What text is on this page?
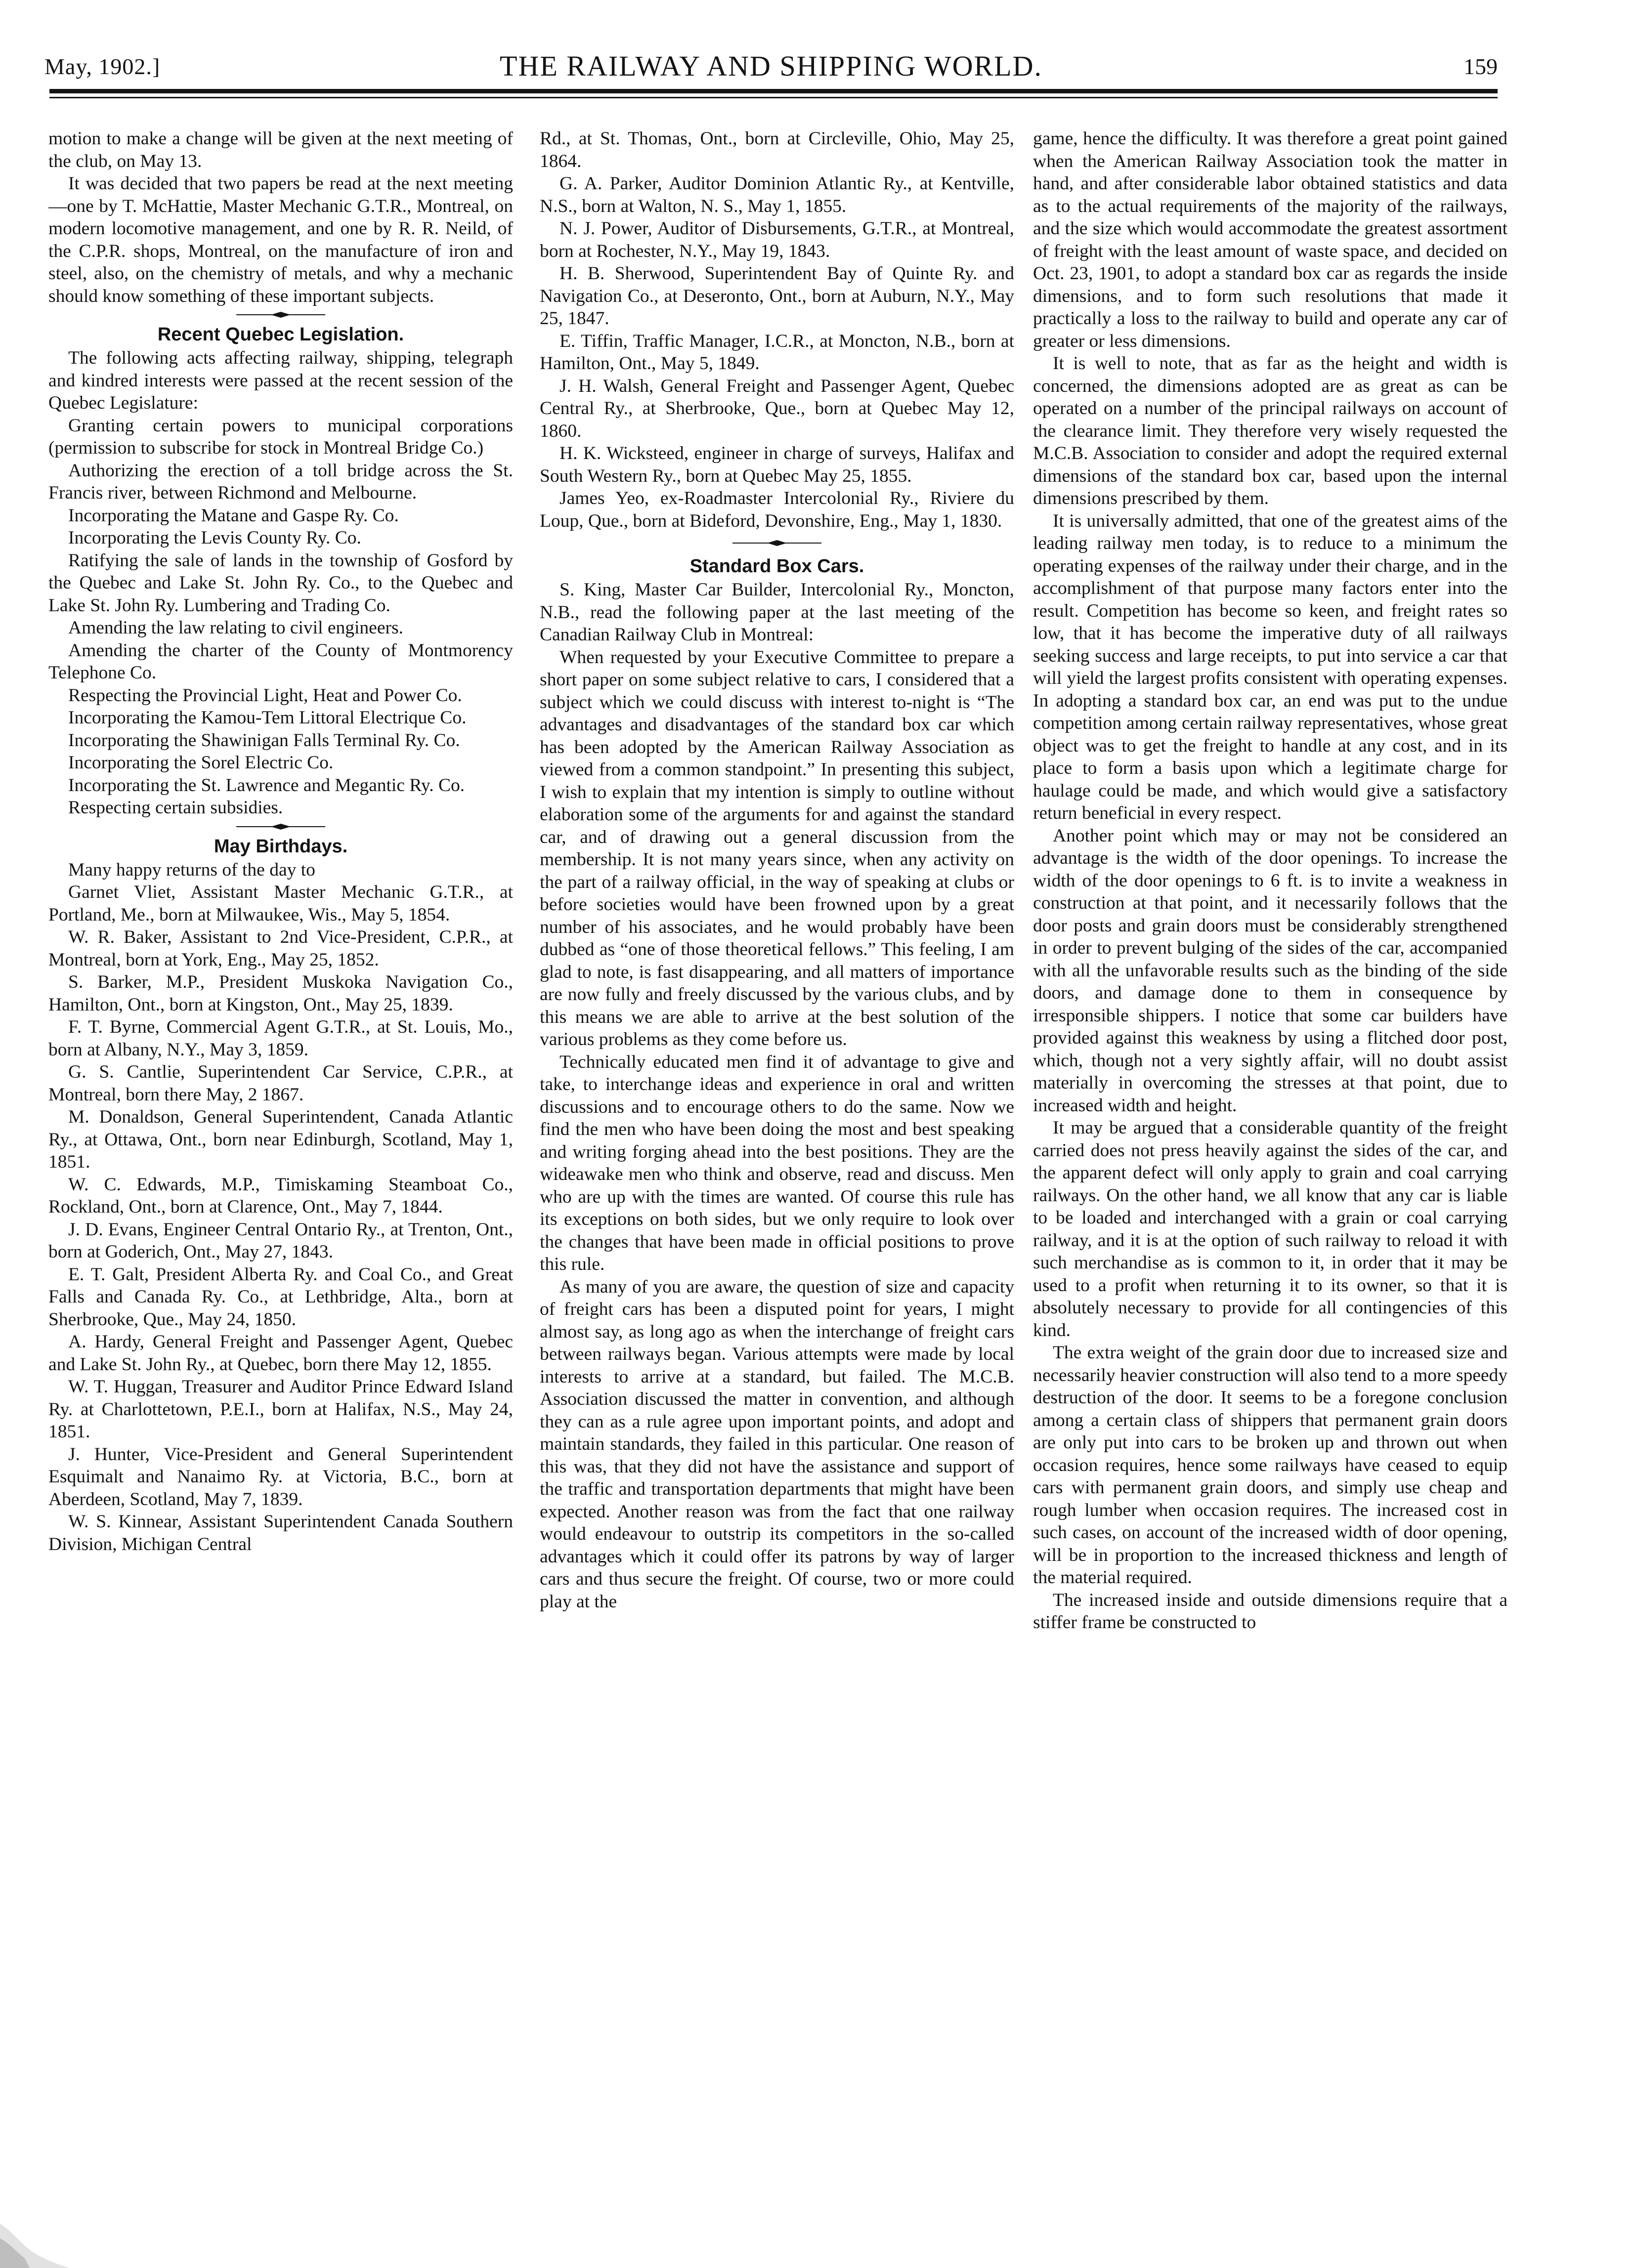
May, 1902.]	THE RAILWAY AND SHIPPING WORLD.	159

motion to make a change will be given at the next meeting of the club, on May 13.

It was decided that two papers be read at the next meeting—one by T. McHattie, Master Mechanic G.T.R., Montreal, on modern locomotive management, and one by R. R. Neild, of the C.P.R. shops, Montreal, on the manufacture of iron and steel, also, on the chemistry of metals, and why a mechanic should know something of these important subjects.

Recent Quebec Legislation.

The following acts affecting railway, shipping, telegraph and kindred interests were passed at the recent session of the Quebec Legislature:

Granting certain powers to municipal corporations (permission to subscribe for stock in Montreal Bridge Co.)

Authorizing the erection of a toll bridge across the St. Francis river, between Richmond and Melbourne.

Incorporating the Matane and Gaspe Ry. Co.

Incorporating the Levis County Ry. Co.

Ratifying the sale of lands in the township of Gosford by the Quebec and Lake St. John Ry. Co., to the Quebec and Lake St. John Ry. Lumbering and Trading Co.

Amending the law relating to civil engineers.

Amending the charter of the County of Montmorency Telephone Co.

Respecting the Provincial Light, Heat and Power Co.

Incorporating the Kamou-Tem Littoral Electrique Co.

Incorporating the Shawinigan Falls Terminal Ry. Co.

Incorporating the Sorel Electric Co.

Incorporating the St. Lawrence and Megantic Ry. Co.

Respecting certain subsidies.

May Birthdays.

Many happy returns of the day to

Garnet Vliet, Assistant Master Mechanic G.T.R., at Portland, Me., born at Milwaukee, Wis., May 5, 1854.

W. R. Baker, Assistant to 2nd Vice-President, C.P.R., at Montreal, born at York, Eng., May 25, 1852.

S. Barker, M.P., President Muskoka Navigation Co., Hamilton, Ont., born at Kingston, Ont., May 25, 1839.

F. T. Byrne, Commercial Agent G.T.R., at St. Louis, Mo., born at Albany, N.Y., May 3, 1859.

G. S. Cantlie, Superintendent Car Service, C.P.R., at Montreal, born there May, 2 1867.

M. Donaldson, General Superintendent, Canada Atlantic Ry., at Ottawa, Ont., born near Edinburgh, Scotland, May 1, 1851.

W. C. Edwards, M.P., Timiskaming Steamboat Co., Rockland, Ont., born at Clarence, Ont., May 7, 1844.

J. D. Evans, Engineer Central Ontario Ry., at Trenton, Ont., born at Goderich, Ont., May 27, 1843.

E. T. Galt, President Alberta Ry. and Coal Co., and Great Falls and Canada Ry. Co., at Lethbridge, Alta., born at Sherbrooke, Que., May 24, 1850.

A. Hardy, General Freight and Passenger Agent, Quebec and Lake St. John Ry., at Quebec, born there May 12, 1855.

W. T. Huggan, Treasurer and Auditor Prince Edward Island Ry. at Charlottetown, P.E.I., born at Halifax, N.S., May 24, 1851.

J. Hunter, Vice-President and General Superintendent Esquimalt and Nanaimo Ry. at Victoria, B.C., born at Aberdeen, Scotland, May 7, 1839.

W. S. Kinnear, Assistant Superintendent Canada Southern Division, Michigan Central

Rd., at St. Thomas, Ont., born at Circleville, Ohio, May 25, 1864.

G. A. Parker, Auditor Dominion Atlantic Ry., at Kentville, N.S., born at Walton, N. S., May 1, 1855.

N. J. Power, Auditor of Disbursements, G.T.R., at Montreal, born at Rochester, N.Y., May 19, 1843.

H. B. Sherwood, Superintendent Bay of Quinte Ry. and Navigation Co., at Deseronto, Ont., born at Auburn, N.Y., May 25, 1847.

E. Tiffin, Traffic Manager, I.C.R., at Moncton, N.B., born at Hamilton, Ont., May 5, 1849.

J. H. Walsh, General Freight and Passenger Agent, Quebec Central Ry., at Sherbrooke, Que., born at Quebec May 12, 1860.

H. K. Wicksteed, engineer in charge of surveys, Halifax and South Western Ry., born at Quebec May 25, 1855.

James Yeo, ex-Roadmaster Intercolonial Ry., Riviere du Loup, Que., born at Bideford, Devonshire, Eng., May 1, 1830.

Standard Box Cars.

S. King, Master Car Builder, Intercolonial Ry., Moncton, N.B., read the following paper at the last meeting of the Canadian Railway Club in Montreal:

When requested by your Executive Committee to prepare a short paper on some subject relative to cars, I considered that a subject which we could discuss with interest to-night is “The advantages and disadvantages of the standard box car which has been adopted by the American Railway Association as viewed from a common standpoint.” In presenting this subject, I wish to explain that my intention is simply to outline without elaboration some of the arguments for and against the standard car, and of drawing out a general discussion from the membership. It is not many years since, when any activity on the part of a railway official, in the way of speaking at clubs or before societies would have been frowned upon by a great number of his associates, and he would probably have been dubbed as “one of those theoretical fellows.” This feeling, I am glad to note, is fast disappearing, and all matters of importance are now fully and freely discussed by the various clubs, and by this means we are able to arrive at the best solution of the various problems as they come before us.

Technically educated men find it of advantage to give and take, to interchange ideas and experience in oral and written discussions and to encourage others to do the same. Now we find the men who have been doing the most and best speaking and writing forging ahead into the best positions. They are the wideawake men who think and observe, read and discuss. Men who are up with the times are wanted. Of course this rule has its exceptions on both sides, but we only require to look over the changes that have been made in official positions to prove this rule.

As many of you are aware, the question of size and capacity of freight cars has been a disputed point for years, I might almost say, as long ago as when the interchange of freight cars between railways began. Various attempts were made by local interests to arrive at a standard, but failed. The M.C.B. Association discussed the matter in convention, and although they can as a rule agree upon important points, and adopt and maintain standards, they failed in this particular. One reason of this was, that they did not have the assistance and support of the traffic and transportation departments that might have been expected. Another reason was from the fact that one railway would endeavour to outstrip its competitors in the so-called advantages which it could offer its patrons by way of larger cars and thus secure the freight. Of course, two or more could play at the

game, hence the difficulty. It was therefore a great point gained when the American Railway Association took the matter in hand, and after considerable labor obtained statistics and data as to the actual requirements of the majority of the railways, and the size which would accommodate the greatest assortment of freight with the least amount of waste space, and decided on Oct. 23, 1901, to adopt a standard box car as regards the inside dimensions, and to form such resolutions that made it practically a loss to the railway to build and operate any car of greater or less dimensions.

It is well to note, that as far as the height and width is concerned, the dimensions adopted are as great as can be operated on a number of the principal railways on account of the clearance limit. They therefore very wisely requested the M.C.B. Association to consider and adopt the required external dimensions of the standard box car, based upon the internal dimensions prescribed by them.

It is universally admitted, that one of the greatest aims of the leading railway men today, is to reduce to a minimum the operating expenses of the railway under their charge, and in the accomplishment of that purpose many factors enter into the result. Competition has become so keen, and freight rates so low, that it has become the imperative duty of all railways seeking success and large receipts, to put into service a car that will yield the largest profits consistent with operating expenses. In adopting a standard box car, an end was put to the undue competition among certain railway representatives, whose great object was to get the freight to handle at any cost, and in its place to form a basis upon which a legitimate charge for haulage could be made, and which would give a satisfactory return beneficial in every respect.

Another point which may or may not be considered an advantage is the width of the door openings. To increase the width of the door openings to 6 ft. is to invite a weakness in construction at that point, and it necessarily follows that the door posts and grain doors must be considerably strengthened in order to prevent bulging of the sides of the car, accompanied with all the unfavorable results such as the binding of the side doors, and damage done to them in consequence by irresponsible shippers. I notice that some car builders have provided against this weakness by using a flitched door post, which, though not a very sightly affair, will no doubt assist materially in overcoming the stresses at that point, due to increased width and height.

It may be argued that a considerable quantity of the freight carried does not press heavily against the sides of the car, and the apparent defect will only apply to grain and coal carrying railways. On the other hand, we all know that any car is liable to be loaded and interchanged with a grain or coal carrying railway, and it is at the option of such railway to reload it with such merchandise as is common to it, in order that it may be used to a profit when returning it to its owner, so that it is absolutely necessary to provide for all contingencies of this kind.

The extra weight of the grain door due to increased size and necessarily heavier construction will also tend to a more speedy destruction of the door. It seems to be a foregone conclusion among a certain class of shippers that permanent grain doors are only put into cars to be broken up and thrown out when occasion requires, hence some railways have ceased to equip cars with permanent grain doors, and simply use cheap and rough lumber when occasion requires. The increased cost in such cases, on account of the increased width of door opening, will be in proportion to the increased thickness and length of the material required.

The increased inside and outside dimensions require that a stiffer frame be constructed to
